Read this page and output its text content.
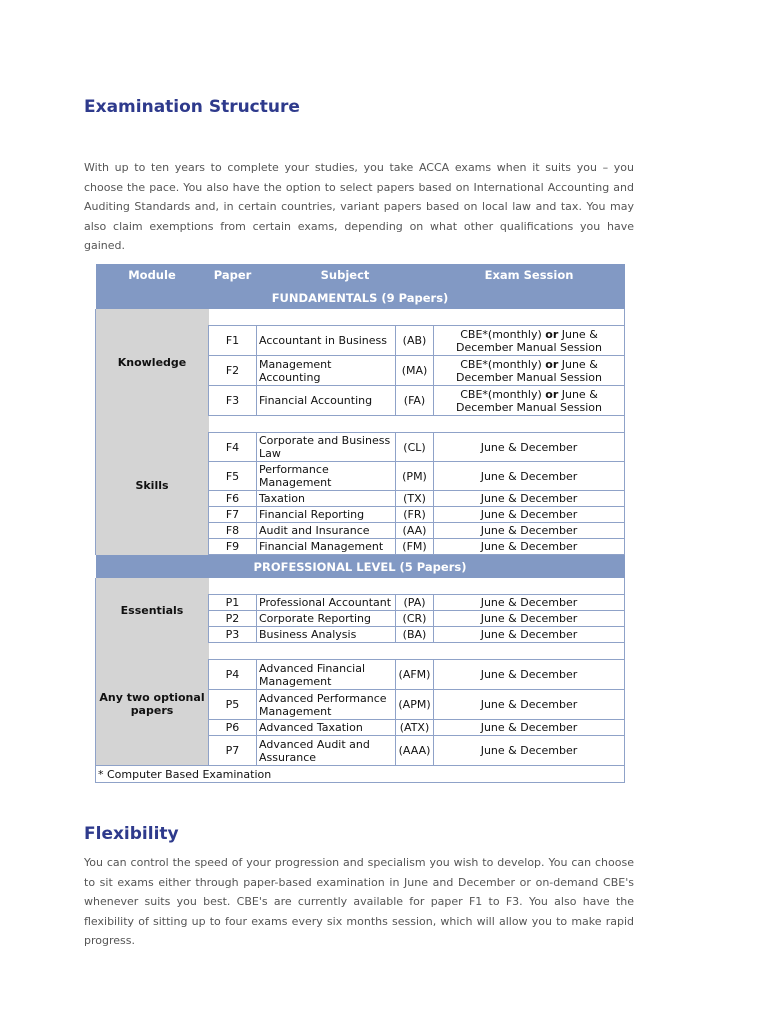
Examination Structure

With up to ten years to complete your studies, you take ACCA exams when it suits you – you choose the pace. You also have the option to select papers based on International Accounting and Auditing Standards and, in certain countries, variant papers based on local law and tax. You may also claim exemptions from certain exams, depending on what other qualifications you have gained.

Module	Paper	Subject		Exam Session
FUNDAMENTALS (9 Papers)				
Knowledge				
	F1	Accountant in Business	(AB)	CBE*(monthly) or June & December Manual Session
	F2	Management Accounting	(MA)	CBE*(monthly) or June & December Manual Session
	F3	Financial Accounting	(FA)	CBE*(monthly) or June & December Manual Session
Skills				
	F4	Corporate and Business Law	(CL)	June & December
	F5	Performance Management	(PM)	June & December
	F6	Taxation	(TX)	June & December
	F7	Financial Reporting	(FR)	June & December
	F8	Audit and Insurance	(AA)	June & December
	F9	Financial Management	(FM)	June & December
PROFESSIONAL LEVEL (5 Papers)				
Essentials				
	P1	Professional Accountant	(PA)	June & December
	P2	Corporate Reporting	(CR)	June & December
	P3	Business Analysis	(BA)	June & December
Any two optional papers				
	P4	Advanced Financial Management	(AFM)	June & December
	P5	Advanced Performance Management	(APM)	June & December
	P6	Advanced Taxation	(ATX)	June & December
	P7	Advanced Audit and Assurance	(AAA)	June & December
* Computer Based Examination				
Flexibility

You can control the speed of your progression and specialism you wish to develop. You can choose to sit exams either through paper-based examination in June and December or on-demand CBE's whenever suits you best. CBE's are currently available for paper F1 to F3. You also have the flexibility of sitting up to four exams every six months session, which will allow you to make rapid progress.
